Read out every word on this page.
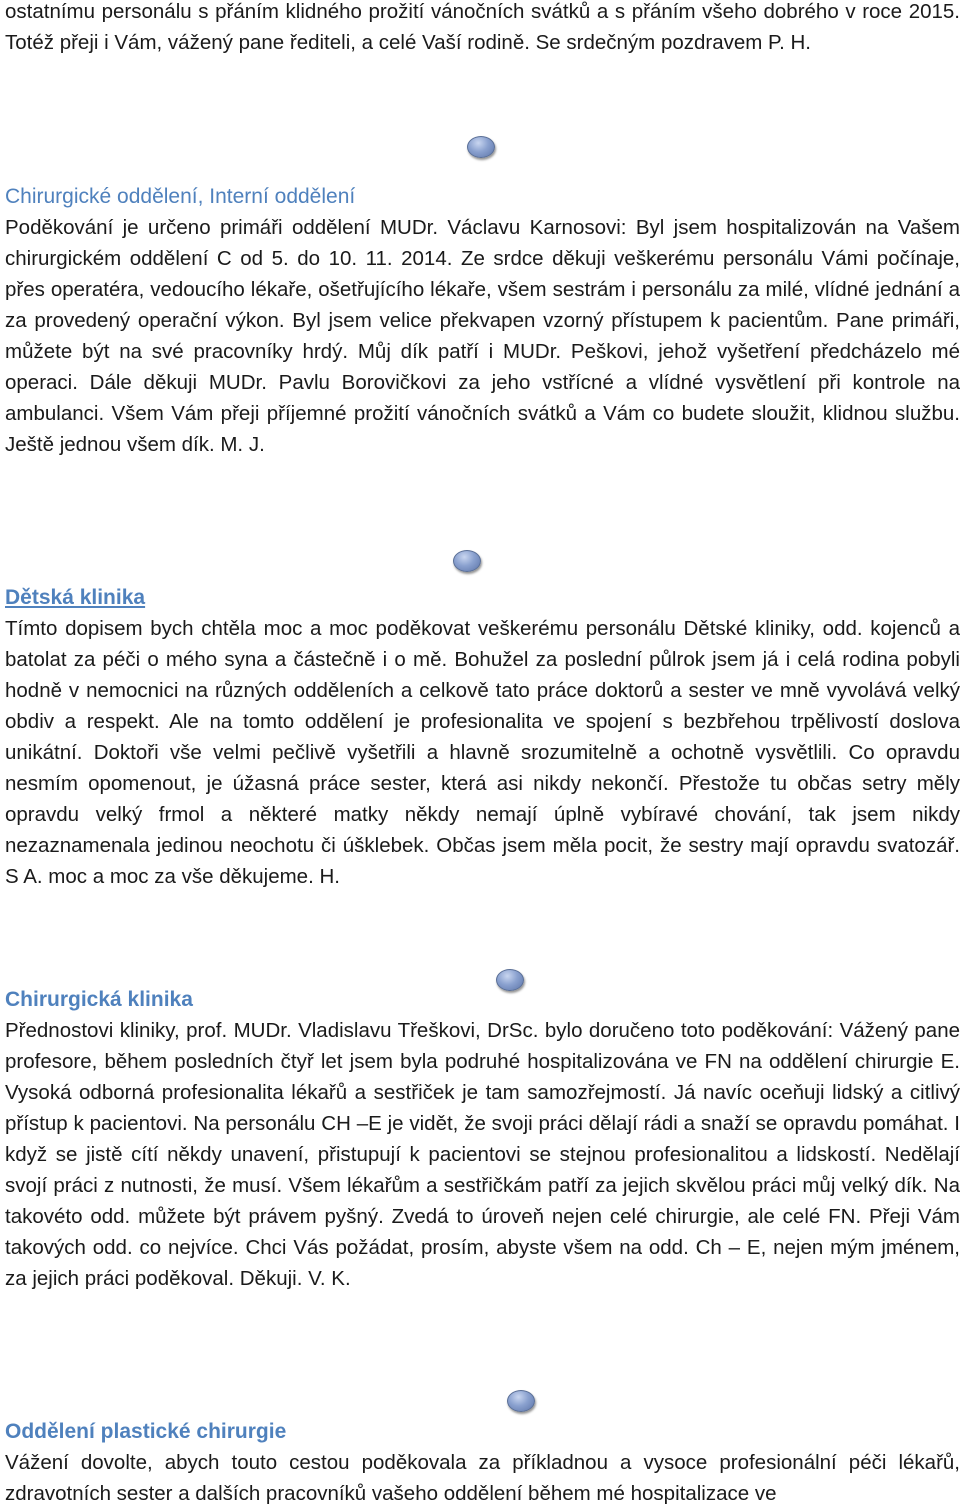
ostatnímu personálu s přáním klidného prožití vánočních svátků a s přáním všeho dobrého v roce 2015. Totéž přeji i Vám, vážený pane řediteli, a celé Vaší rodině. Se srdečným pozdravem P. H.

Chirurgické oddělení, Interní oddělení

Poděkování je určeno primáři oddělení MUDr. Václavu Karnosovi: Byl jsem hospitalizován na Vašem chirurgickém oddělení C od 5. do 10. 11. 2014. Ze srdce děkuji veškerému personálu Vámi počínaje, přes operatéra, vedoucího lékaře, ošetřujícího lékaře, všem sestrám i personálu za milé, vlídné jednání a za provedený operační výkon. Byl jsem velice překvapen vzorný přístupem k pacientům. Pane primáři, můžete být na své pracovníky hrdý. Můj dík patří i MUDr. Peškovi, jehož vyšetření předcházelo mé operaci. Dále děkuji MUDr. Pavlu Borovičkovi za jeho vstřícné a vlídné vysvětlení při kontrole na ambulanci. Všem Vám přeji příjemné prožití vánočních svátků a Vám co budete sloužit, klidnou službu. Ještě jednou všem dík. M. J.

Dětská klinika

Tímto dopisem bych chtěla moc a moc poděkovat veškerému personálu Dětské kliniky, odd. kojenců a batolat za péči o mého syna a částečně i o mě. Bohužel za poslední půlrok jsem já i celá rodina pobyli hodně v nemocnici na různých odděleních a celkově tato práce doktorů a sester ve mně vyvolává velký obdiv a respekt. Ale na tomto oddělení je profesionalita ve spojení s bezbřehou trpělivostí doslova unikátní. Doktoři vše velmi pečlivě vyšetřili a hlavně srozumitelně a ochotně vysvětlili. Co opravdu nesmím opomenout, je úžasná práce sester, která asi nikdy nekončí. Přestože tu občas setry měly opravdu velký frmol a některé matky někdy nemají úplně vybíravé chování, tak jsem nikdy nezaznamenala jedinou neochotu či úšklebek. Občas jsem měla pocit, že sestry mají opravdu svatozář. S A. moc a moc za vše děkujeme. H.

Chirurgická klinika

Přednostovi kliniky, prof. MUDr. Vladislavu Třeškovi, DrSc. bylo doručeno toto poděkování: Vážený pane profesore, během posledních čtyř let jsem byla podruhé hospitalizována ve FN na oddělení chirurgie E. Vysoká odborná profesionalita lékařů a sestřiček je tam samozřejmostí. Já navíc oceňuji lidský a citlivý přístup k pacientovi. Na personálu CH –E je vidět, že svoji práci dělají rádi a snaží se opravdu pomáhat. I když se jistě cítí někdy unavení, přistupují k pacientovi se stejnou profesionalitou a lidskostí. Nedělají svojí práci z nutnosti, že musí. Všem lékařům a sestřičkám patří za jejich skvělou práci můj velký dík. Na takovéto odd. můžete být právem pyšný. Zvedá to úroveň nejen celé chirurgie, ale celé FN. Přeji Vám takových odd. co nejvíce. Chci Vás požádat, prosím, abyste všem na odd. Ch – E, nejen mým jménem, za jejich práci poděkoval. Děkuji. V. K.

Oddělení plastické chirurgie

Vážení dovolte, abych touto cestou poděkovala za příkladnou a vysoce profesionální péči lékařů, zdravotních sester a dalších pracovníků vašeho oddělení během mé hospitalizace ve
